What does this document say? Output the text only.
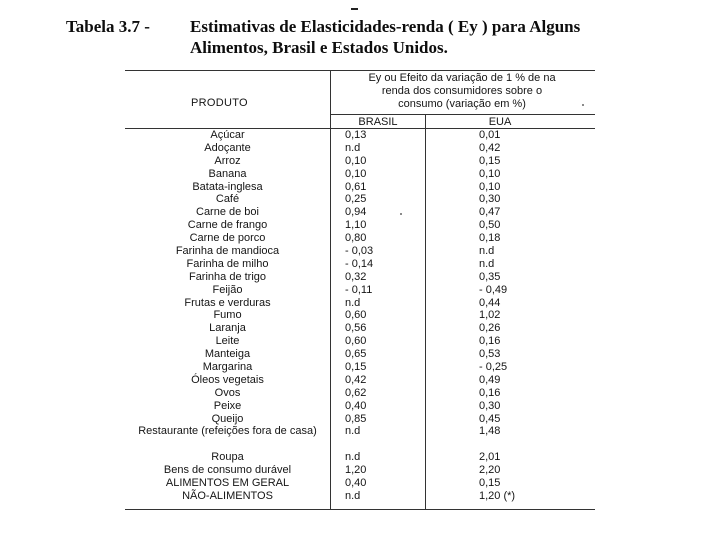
Tabela 3.7 -	Estimativas de Elasticidades-renda ( Ey ) para Alguns
Alimentos, Brasil e Estados Unidos.
PRODUTO
Ey ou Efeito da variação de 1 % de na
renda dos consumidores sobre o
consumo (variação em %)
BRASIL	EUA
Açúcar	0,13	0,01
Adoçante	n.d	0,42
Arroz	0,10	0,15
Banana	0,10	0,10
Batata-inglesa	0,61	0,10
Café	0,25	0,30
Carne de boi	0,94	0,47
Carne de frango	1,10	0,50
Carne de porco	0,80	0,18
Farinha de mandioca	- 0,03	n.d
Farinha de milho	- 0,14	n.d
Farinha de trigo	0,32	0,35
Feijão	- 0,11	- 0,49
Frutas e verduras	n.d	0,44
Fumo	0,60	1,02
Laranja	0,56	0,26
Leite	0,60	0,16
Manteiga	0,65	0,53
Margarina	0,15	- 0,25
Óleos vegetais	0,42	0,49
Ovos	0,62	0,16
Peixe	0,40	0,30
Queijo	0,85	0,45
Restaurante (refeições fora de casa)	n.d	1,48
Roupa	n.d	2,01
Bens de consumo durável	1,20	2,20
ALIMENTOS EM GERAL	0,40	0,15
NÃO-ALIMENTOS	n.d	1,20 (*)
